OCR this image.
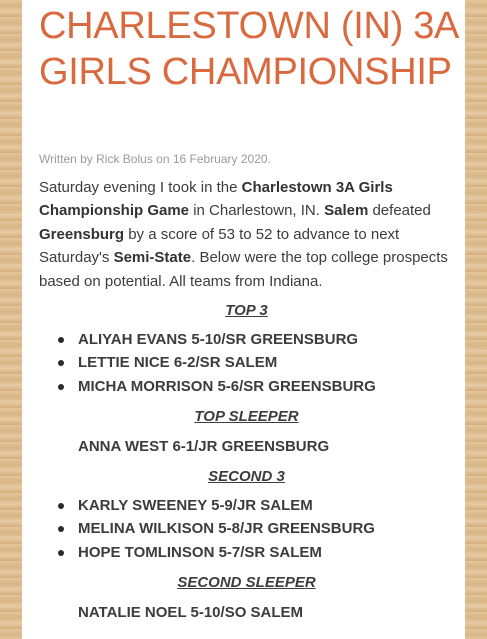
CHARLESTOWN (IN) 3A GIRLS CHAMPIONSHIP
Written by Rick Bolus on 16 February 2020.

Saturday evening I took in the Charlestown 3A Girls Championship Game in Charlestown, IN. Salem defeated Greensburg by a score of 53 to 52 to advance to next Saturday's Semi-State. Below were the top college prospects based on potential. All teams from Indiana.

TOP 3
ALIYAH EVANS 5-10/SR GREENSBURG
LETTIE NICE 6-2/SR SALEM
MICHA MORRISON 5-6/SR GREENSBURG
TOP SLEEPER
ANNA WEST 6-1/JR GREENSBURG
SECOND 3
KARLY SWEENEY 5-9/JR SALEM
MELINA WILKISON 5-8/JR GREENSBURG
HOPE TOMLINSON 5-7/SR SALEM
SECOND SLEEPER
NATALIE NOEL 5-10/SO SALEM
